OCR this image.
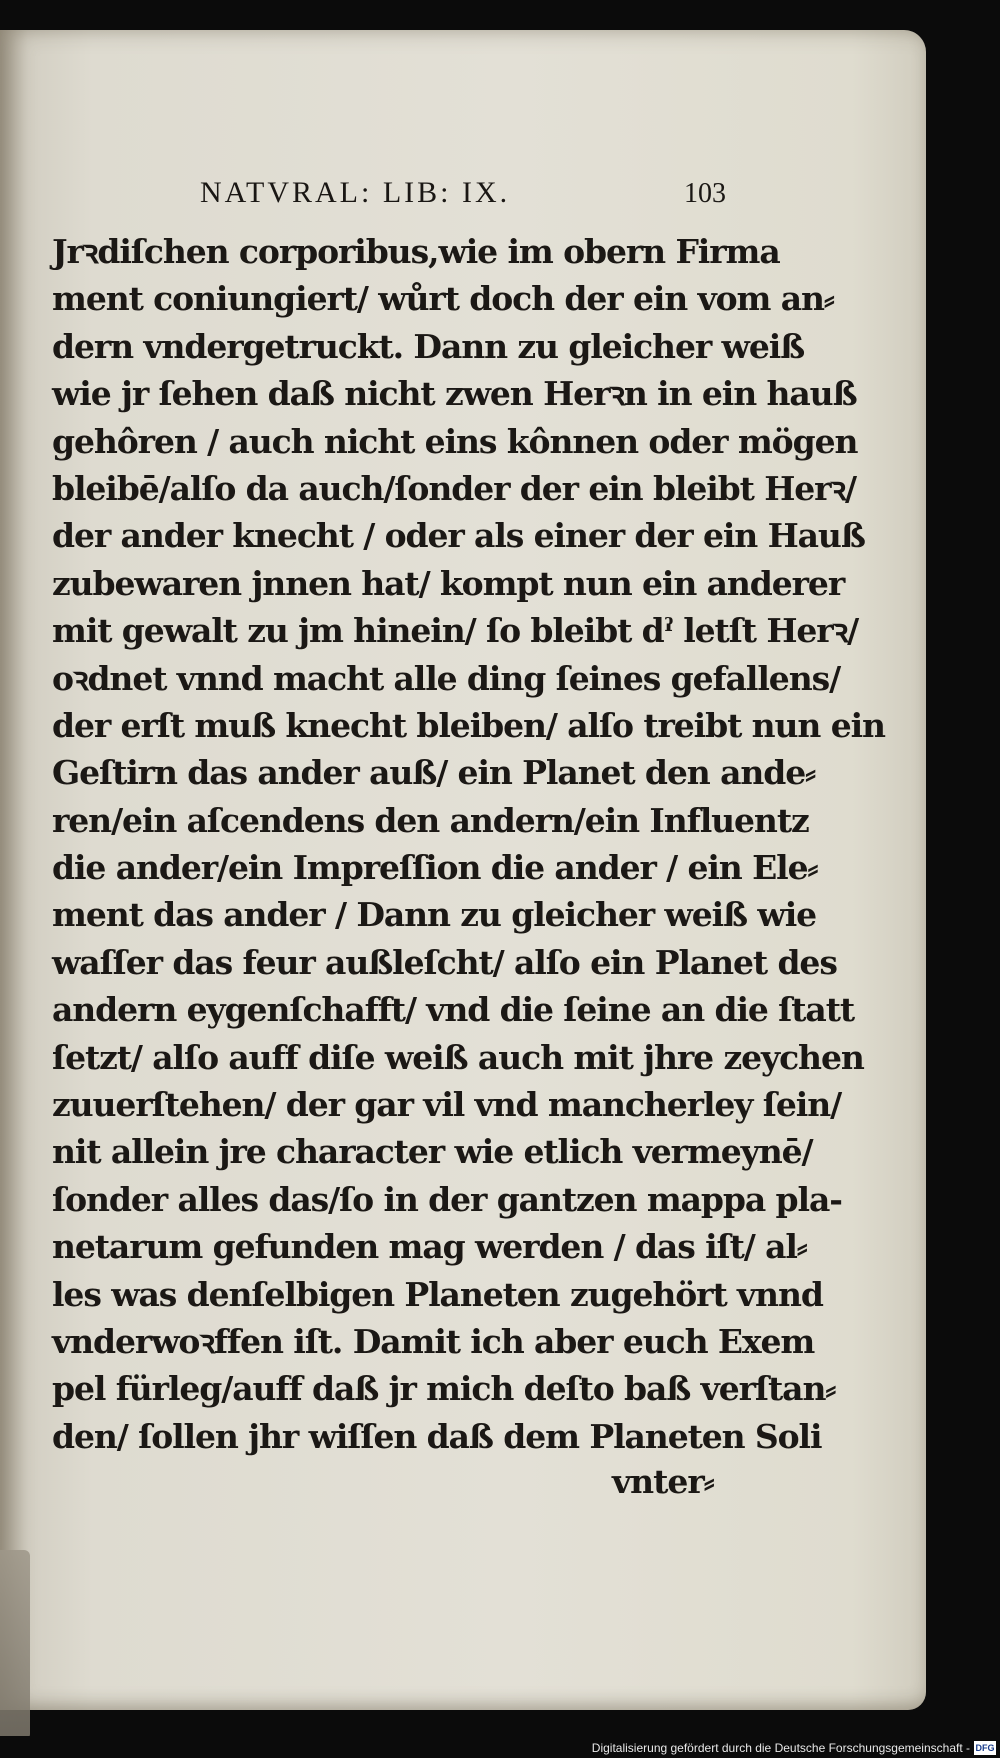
NATVRAL: LIB: IX.	103
Jrꝛdiſchen corporibus,wie im obern Firma
ment coniungiert/ wůrt doch der ein vom an⸗
dern vndergetruckt. Dann zu gleicher weiß
wie jr ſehen daß nicht zwen Herꝛn in ein hauß
gehôren / auch nicht eins kônnen oder mögen
bleibē/alſo da auch/ſonder der ein bleibt Herꝛ/
der ander knecht / oder als einer der ein Hauß
zubewaren jnnen hat/ kompt nun ein anderer
mit gewalt zu jm hinein/ ſo bleibt dˀ letſt Herꝛ/
oꝛdnet vnnd macht alle ding ſeines gefallens/
der erſt muß knecht bleiben/ alſo treibt nun ein
Geſtirn das ander auß/ ein Planet den ande⸗
ren/ein aſcendens den andern/ein Influentz
die ander/ein Impreſſion die ander / ein Ele⸗
ment das ander / Dann zu gleicher weiß wie
waſſer das feur außleſcht/ alſo ein Planet des
andern eygenſchafft/ vnd die ſeine an die ſtatt
ſetzt/ alſo auff diſe weiß auch mit jhre zeychen
zuuerſtehen/ der gar vil vnd mancherley ſein/
nit allein jre character wie etlich vermeynē/
ſonder alles das/ſo in der gantzen mappa pla-
netarum gefunden mag werden / das iſt/ al⸗
les was denſelbigen Planeten zugehört vnnd
vnderwoꝛffen iſt. Damit ich aber euch Exem
pel fürleg/auff daß jr mich deſto baß verſtan⸗
den/ ſollen jhr wiſſen daß dem Planeten Soli
vnter⸗
Digitalisierung gefördert durch die Deutsche Forschungsgemeinschaft - DFG
